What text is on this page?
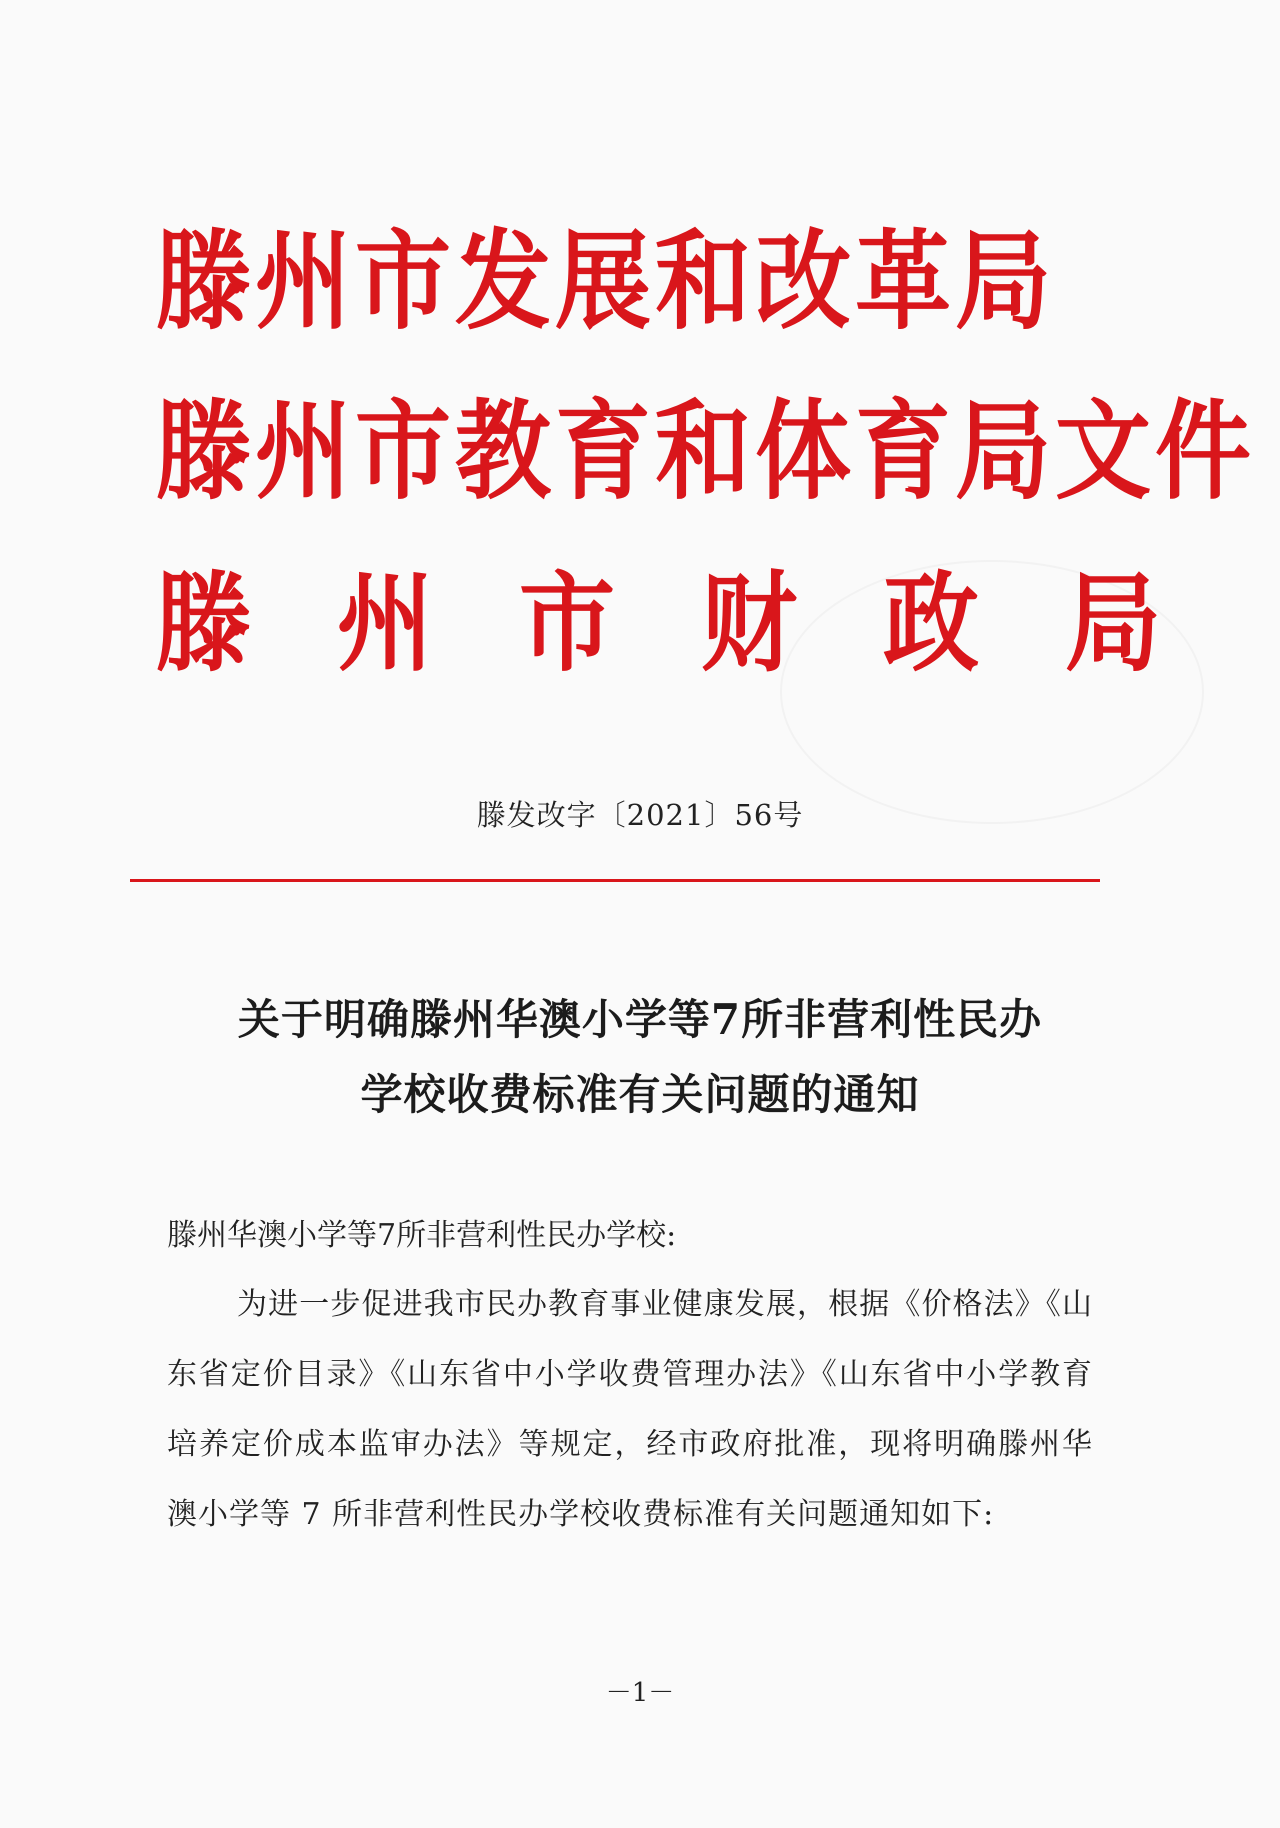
滕州市发展和改革局
滕州市教育和体育局文件
滕州市财政局
滕发改字〔2021〕56号
关于明确滕州华澳小学等7所非营利性民办
学校收费标准有关问题的通知
滕州华澳小学等7所非营利性民办学校:

为进一步促进我市民办教育事业健康发展，根据《价格法》《山东省定价目录》《山东省中小学收费管理办法》《山东省中小学教育培养定价成本监审办法》等规定，经市政府批准，现将明确滕州华澳小学等 7 所非营利性民办学校收费标准有关问题通知如下:

－1－
